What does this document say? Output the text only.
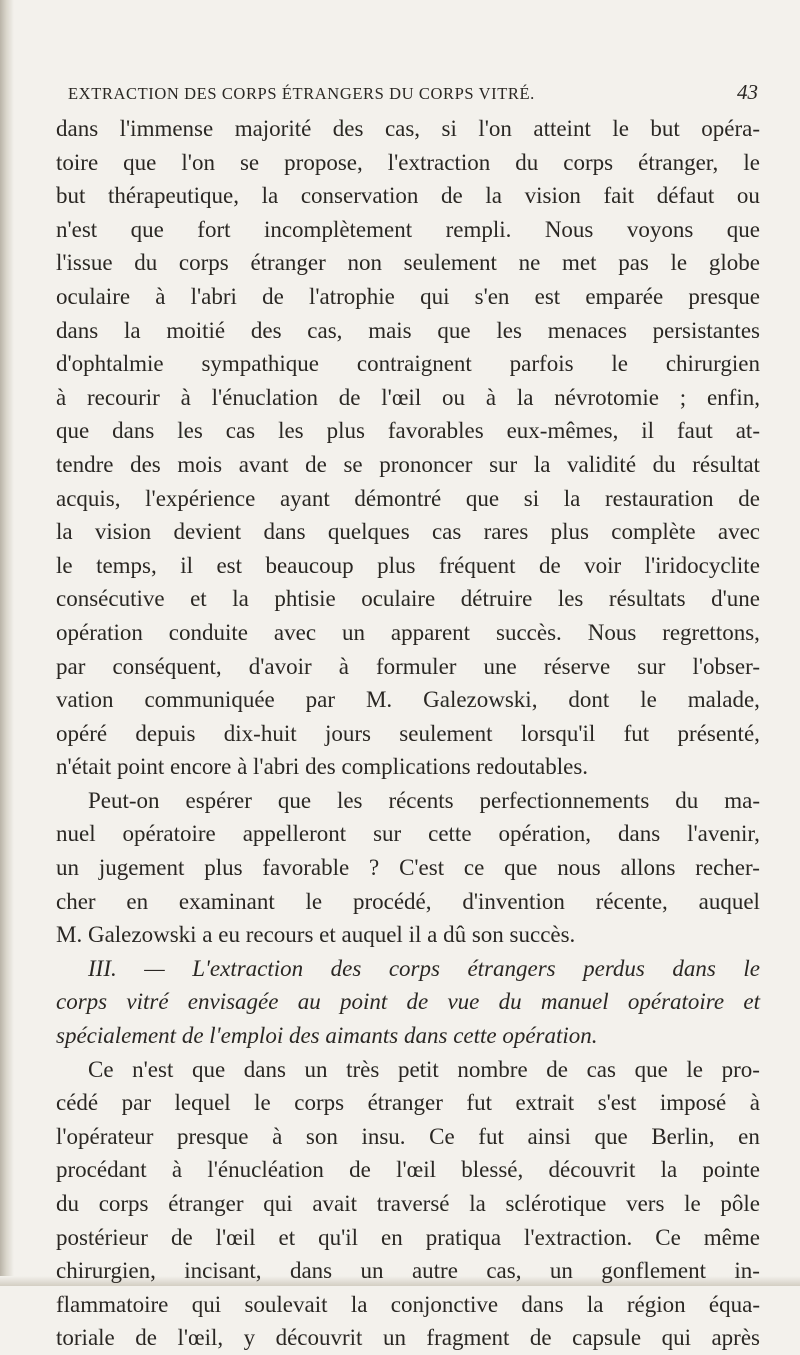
EXTRACTION DES CORPS ÉTRANGERS DU CORPS VITRÉ.	43
dans l'immense majorité des cas, si l'on atteint le but opéra-
toire que l'on se propose, l'extraction du corps étranger, le
but thérapeutique, la conservation de la vision fait défaut ou
n'est que fort incomplètement rempli. Nous voyons que
l'issue du corps étranger non seulement ne met pas le globe
oculaire à l'abri de l'atrophie qui s'en est emparée presque
dans la moitié des cas, mais que les menaces persistantes
d'ophtalmie sympathique contraignent parfois le chirurgien
à recourir à l'énuclation de l'œil ou à la névrotomie ; enfin,
que dans les cas les plus favorables eux-mêmes, il faut at-
tendre des mois avant de se prononcer sur la validité du résultat
acquis, l'expérience ayant démontré que si la restauration de
la vision devient dans quelques cas rares plus complète avec
le temps, il est beaucoup plus fréquent de voir l'iridocyclite
consécutive et la phtisie oculaire détruire les résultats d'une
opération conduite avec un apparent succès. Nous regrettons,
par conséquent, d'avoir à formuler une réserve sur l'obser-
vation communiquée par M. Galezowski, dont le malade,
opéré depuis dix-huit jours seulement lorsqu'il fut présenté,
n'était point encore à l'abri des complications redoutables.
Peut-on espérer que les récents perfectionnements du ma-
nuel opératoire appelleront sur cette opération, dans l'avenir,
un jugement plus favorable ? C'est ce que nous allons recher-
cher en examinant le procédé, d'invention récente, auquel
M. Galezowski a eu recours et auquel il a dû son succès.
III. — L'extraction des corps étrangers perdus dans le
corps vitré envisagée au point de vue du manuel opératoire et
spécialement de l'emploi des aimants dans cette opération.
Ce n'est que dans un très petit nombre de cas que le pro-
cédé par lequel le corps étranger fut extrait s'est imposé à
l'opérateur presque à son insu. Ce fut ainsi que Berlin, en
procédant à l'énucléation de l'œil blessé, découvrit la pointe
du corps étranger qui avait traversé la sclérotique vers le pôle
postérieur de l'œil et qu'il en pratiqua l'extraction. Ce même
chirurgien, incisant, dans un autre cas, un gonflement in-
flammatoire qui soulevait la conjonctive dans la région équa-
toriale de l'œil, y découvrit un fragment de capsule qui après
